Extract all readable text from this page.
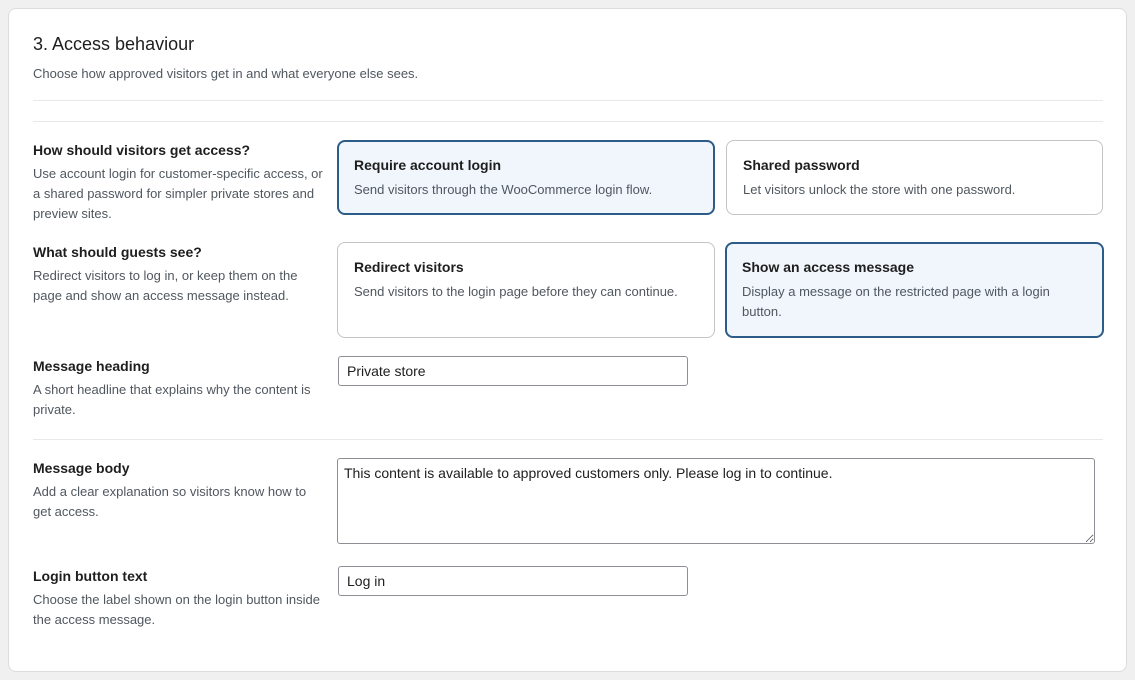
3. Access behaviour

Choose how approved visitors get in and what everyone else sees.

How should visitors get access?
Use account login for customer-specific access, or a shared password for simpler private stores and preview sites.
Require account login
Send visitors through the WooCommerce login flow.
Shared password
Let visitors unlock the store with one password.
What should guests see?
Redirect visitors to log in, or keep them on the page and show an access message instead.
Redirect visitors
Send visitors to the login page before they can continue.
Show an access message
Display a message on the restricted page with a login button.
Message heading
A short headline that explains why the content is private.
Private store
Message body
Add a clear explanation so visitors know how to get access.
This content is available to approved customers only. Please log in to continue.
Login button text
Choose the label shown on the login button inside the access message.
Log in
